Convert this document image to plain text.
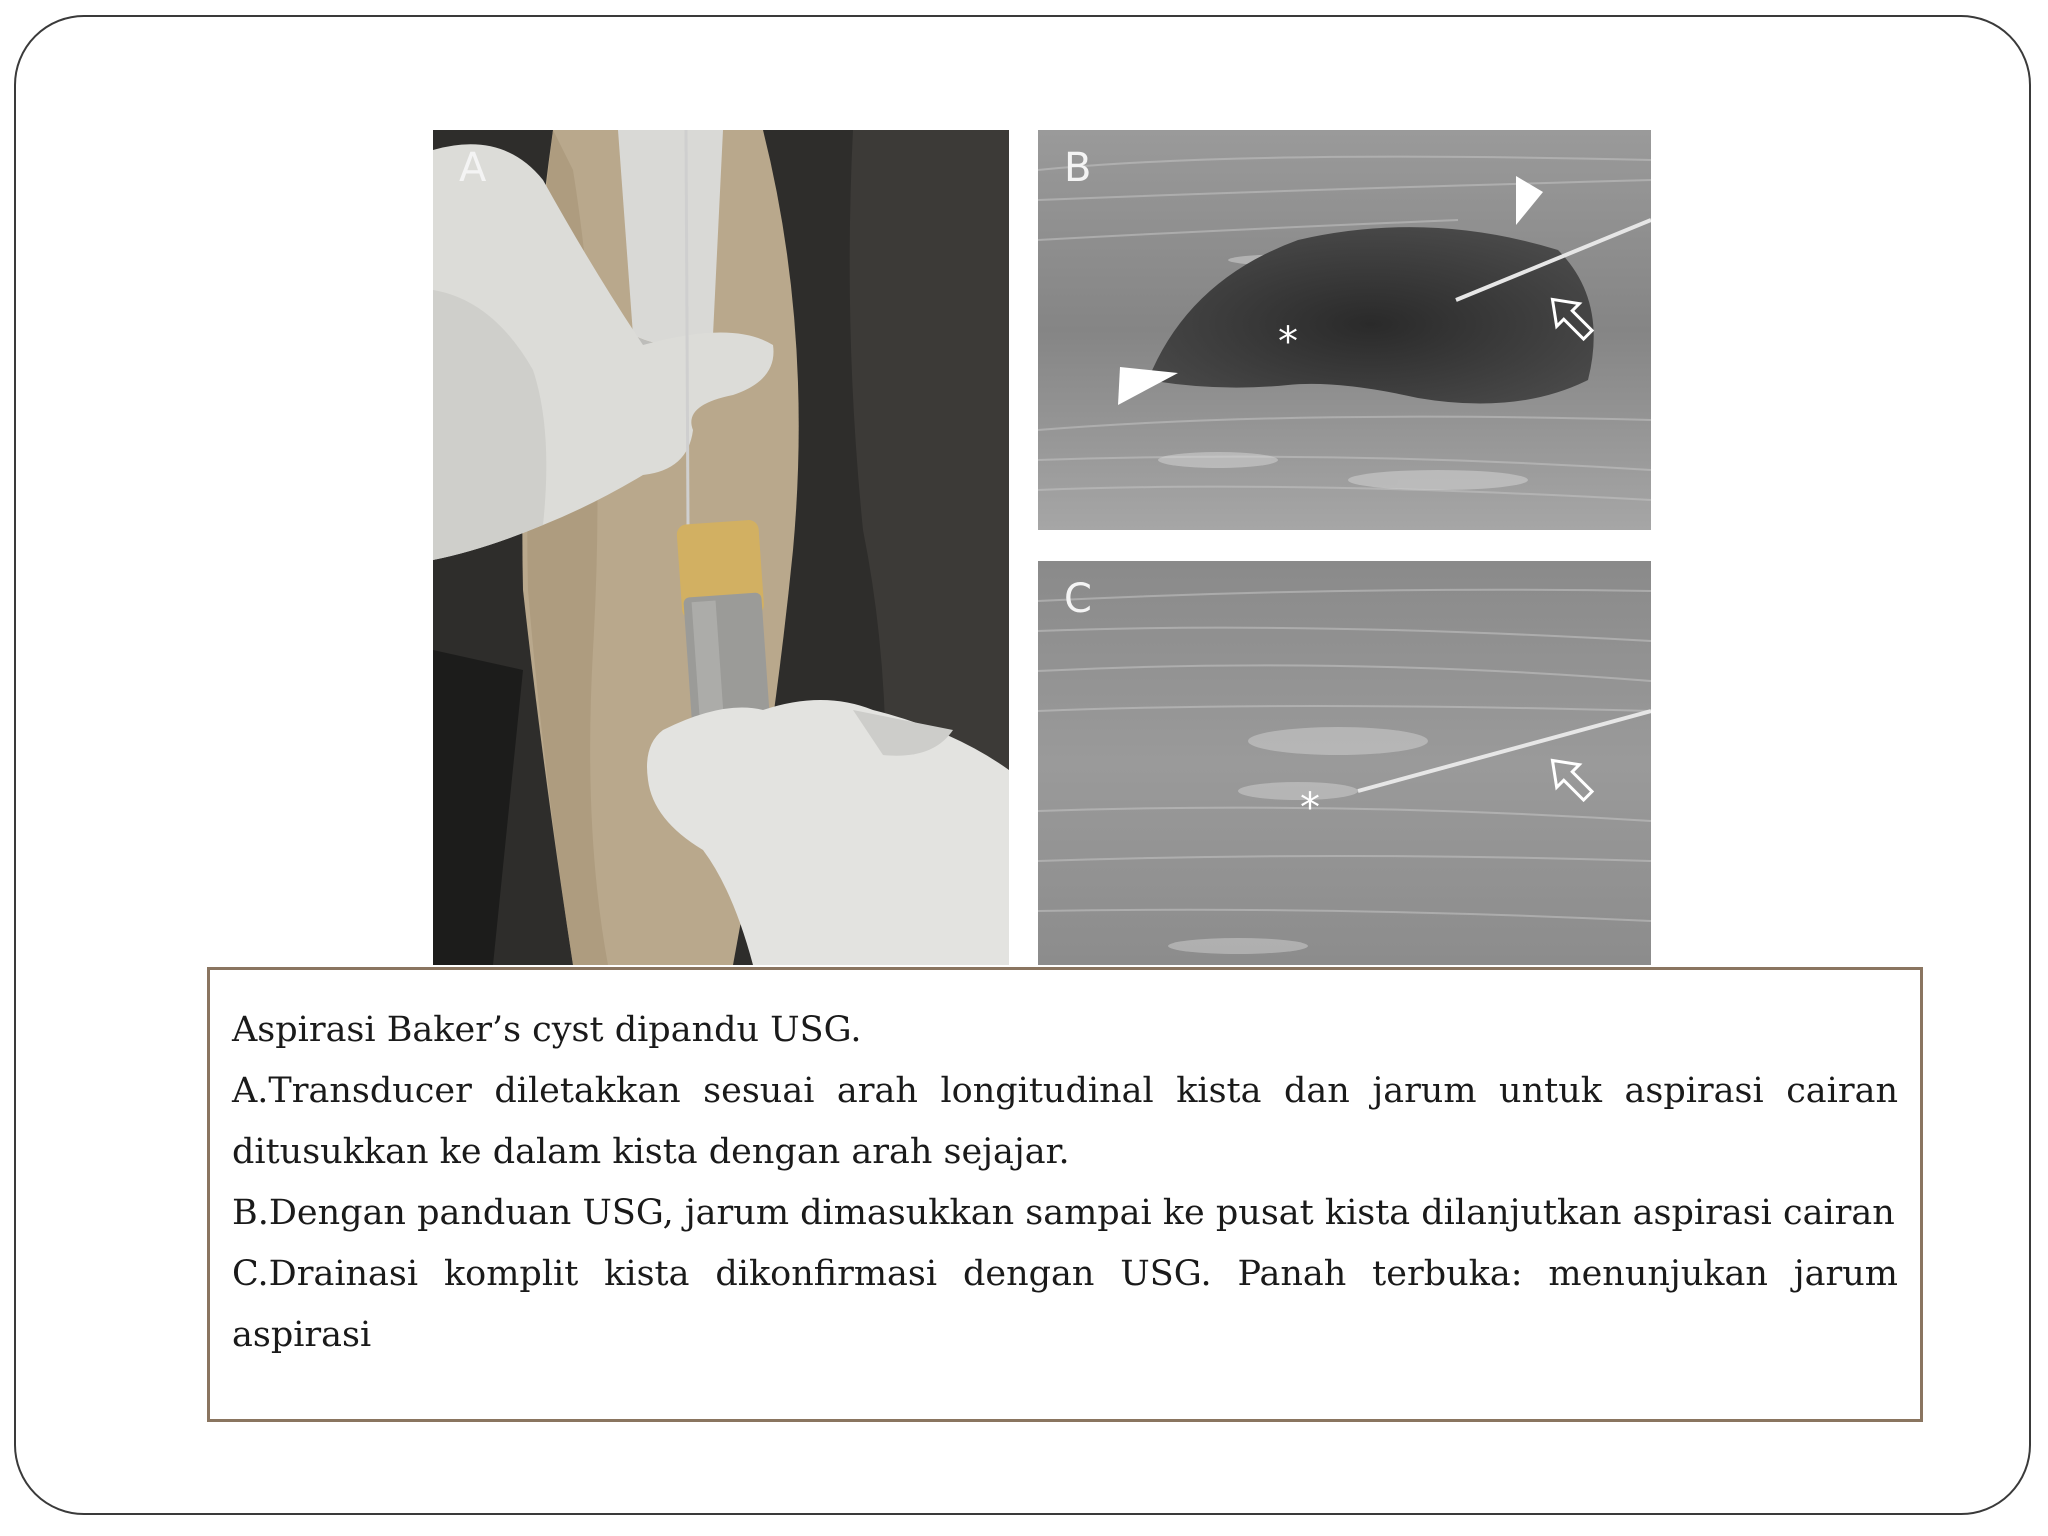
A
*
B
*
C

Aspirasi Baker’s cyst dipandu USG.

A.Transducer diletakkan sesuai arah longitudinal kista dan jarum untuk aspirasi cairan ditusukkan ke dalam kista dengan arah sejajar.

B.Dengan panduan USG, jarum dimasukkan sampai ke pusat kista dilanjutkan aspirasi cairan

C.Drainasi komplit kista dikonfirmasi dengan USG. Panah terbuka: menunjukan jarum aspirasi
